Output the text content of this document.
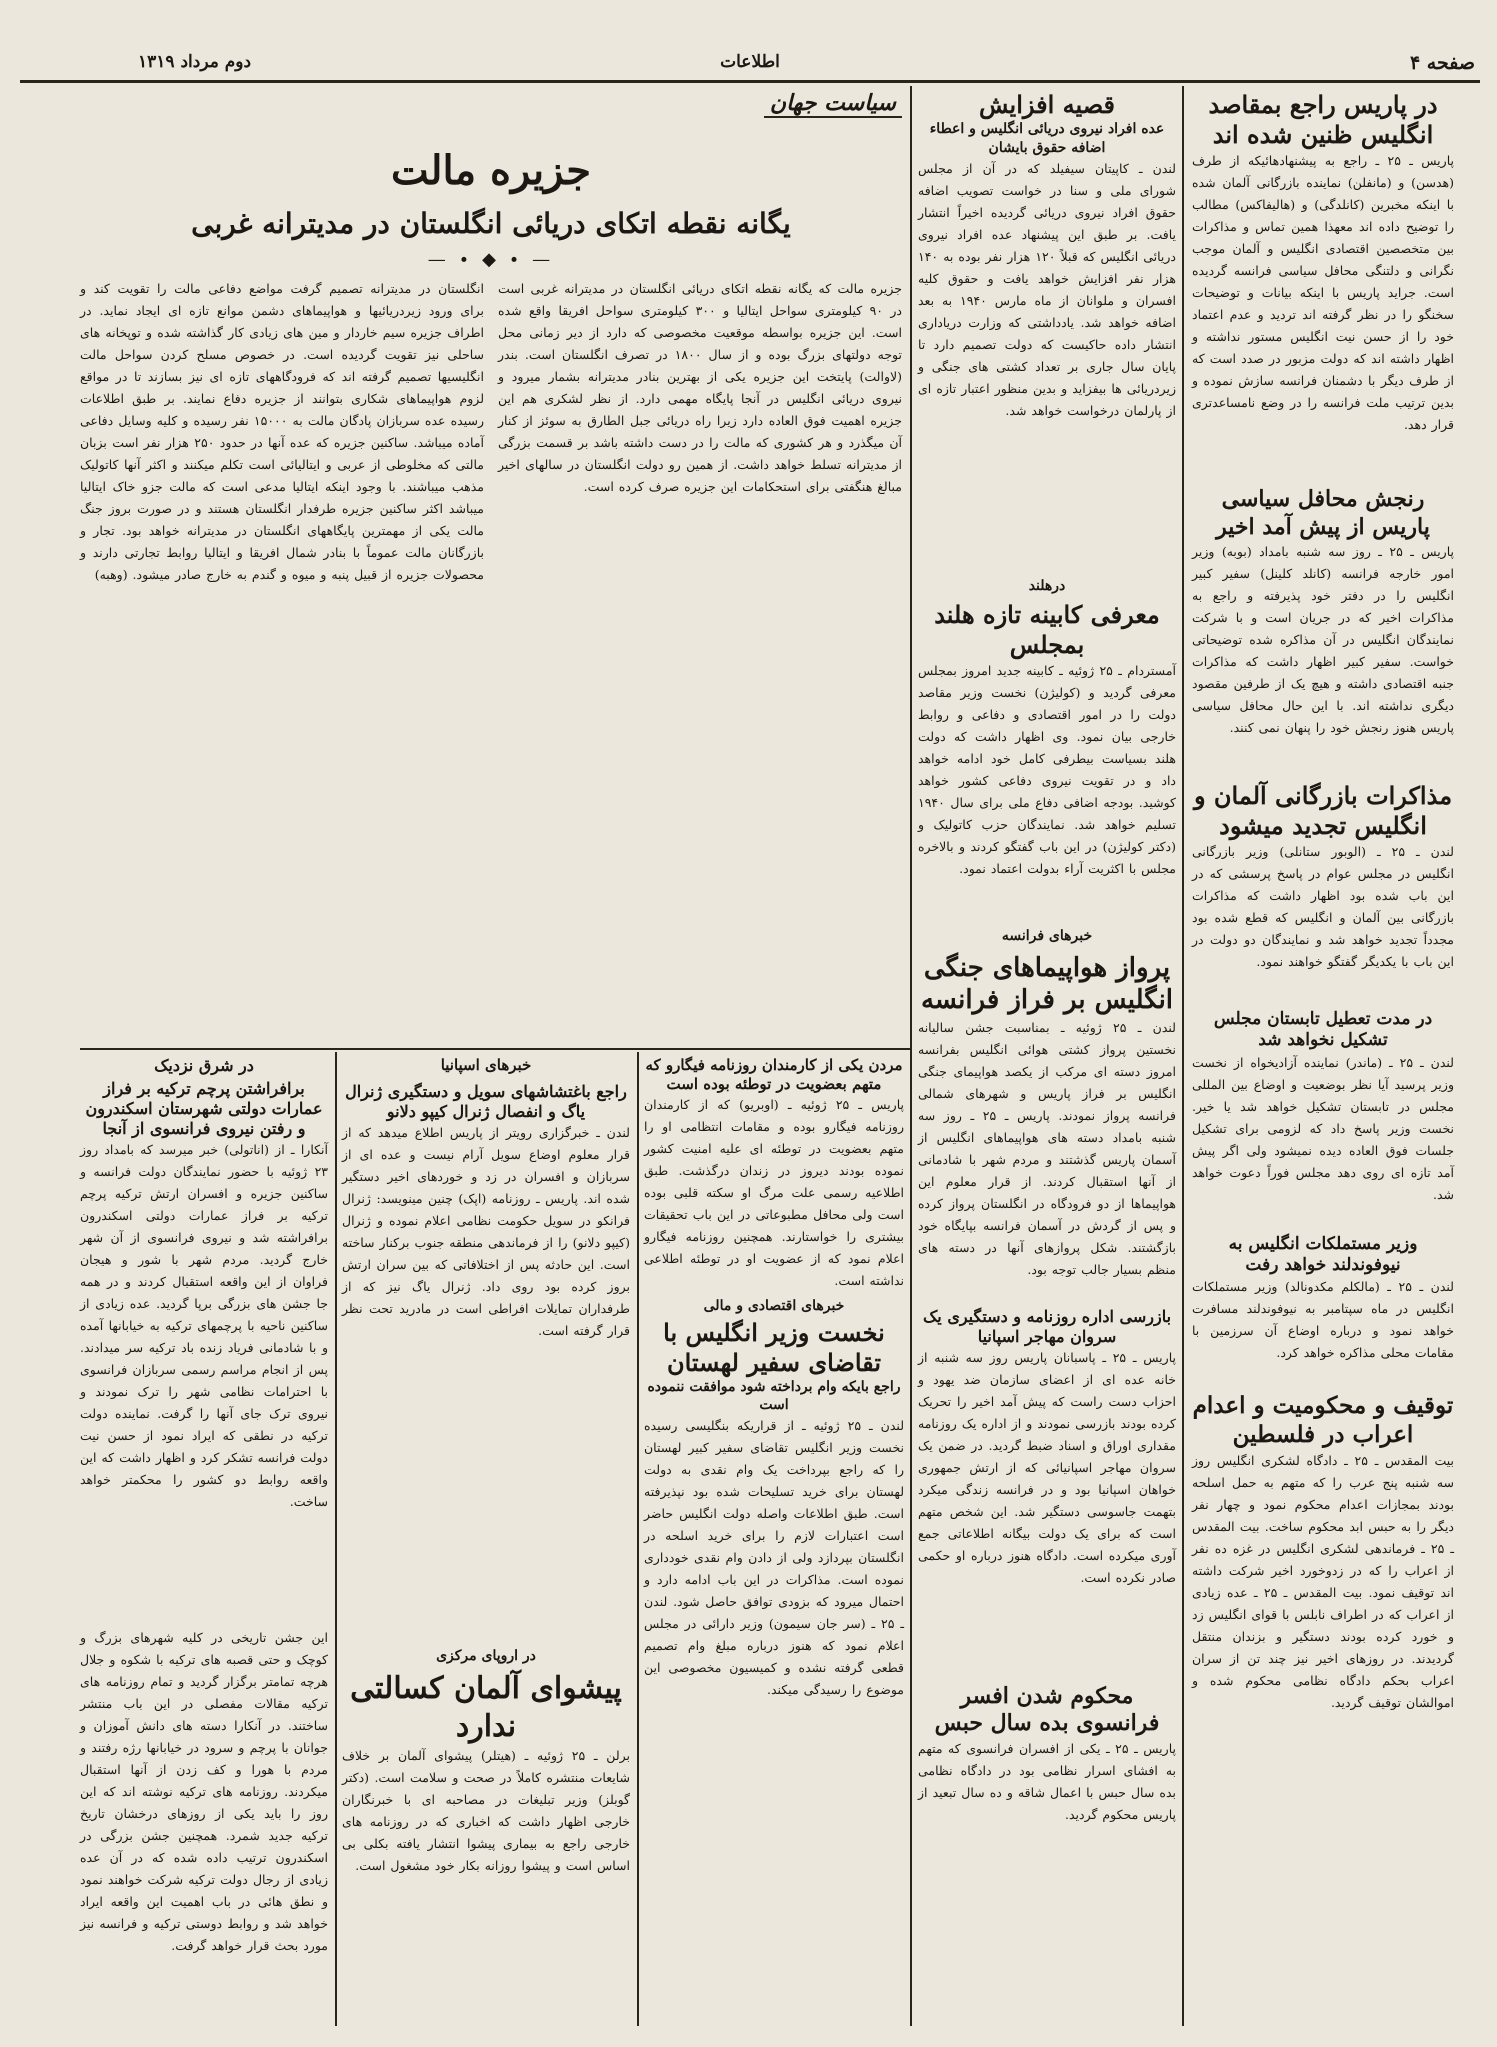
صفحه ۴
اطلاعات
دوم مرداد ۱۳۱۹
در پاریس راجع بمقاصد انگلیس ظنین شده اند
پاریس ـ ۲۵ ـ راجع به پیشنهادهائیکه از طرف (هدسن) و (مانفلن) نماینده بازرگانی آلمان شده با اینکه مخبرین (کانلدگی) و (هالیفاکس) مطالب را توضیح داده اند معهذا همین تماس و مذاکرات بین متخصصین اقتصادی انگلیس و آلمان موجب نگرانی و دلتنگی محافل سیاسی فرانسه گردیده است. جراید پاریس با اینکه بیانات و توضیحات سخنگو را در نظر گرفته اند تردید و عدم اعتماد خود را از حسن نیت انگلیس مستور نداشته و اظهار داشته اند که دولت مزبور در صدد است که از طرف دیگر با دشمنان فرانسه سازش نموده و بدین ترتیب ملت فرانسه را در وضع نامساعدتری قرار دهد.
رنجش محافل سیاسی پاریس از پیش آمد اخیر
پاریس ـ ۲۵ ـ روز سه شنبه بامداد (بوبه) وزیر امور خارجه فرانسه (کانلد کلینل) سفیر کبیر انگلیس را در دفتر خود پذیرفته و راجع به مذاکرات اخیر که در جریان است و با شرکت نمایندگان انگلیس در آن مذاکره شده توضیحاتی خواست. سفیر کبیر اظهار داشت که مذاکرات جنبه اقتصادی داشته و هیچ یک از طرفین مقصود دیگری نداشته اند. با این حال محافل سیاسی پاریس هنوز رنجش خود را پنهان نمی کنند.
مذاکرات بازرگانی آلمان و انگلیس تجدید میشود
لندن ـ ۲۵ ـ (الوبور ستانلی) وزیر بازرگانی انگلیس در مجلس عوام در پاسخ پرسشی که در این باب شده بود اظهار داشت که مذاکرات بازرگانی بین آلمان و انگلیس که قطع شده بود مجدداً تجدید خواهد شد و نمایندگان دو دولت در این باب با یکدیگر گفتگو خواهند نمود.
در مدت تعطیل تابستان مجلس تشکیل نخواهد شد
لندن ـ ۲۵ ـ (ماندر) نماینده آزادیخواه از نخست وزیر پرسید آیا نظر بوضعیت و اوضاع بین المللی مجلس در تابستان تشکیل خواهد شد یا خیر. نخست وزیر پاسخ داد که لزومی برای تشکیل جلسات فوق العاده دیده نمیشود ولی اگر پیش آمد تازه ای روی دهد مجلس فوراً دعوت خواهد شد.
وزیر مستملکات انگلیس به نیوفوندلند خواهد رفت
لندن ـ ۲۵ ـ (مالکلم مکدونالد) وزیر مستملکات انگلیس در ماه سپتامبر به نیوفوندلند مسافرت خواهد نمود و درباره اوضاع آن سرزمین با مقامات محلی مذاکره خواهد کرد.
توقیف و محکومیت و اعدام اعراب در فلسطین
بیت المقدس ـ ۲۵ ـ دادگاه لشکری انگلیس روز سه شنبه پنج عرب را که متهم به حمل اسلحه بودند بمجازات اعدام محکوم نمود و چهار نفر دیگر را به حبس ابد محکوم ساخت. بیت المقدس ـ ۲۵ ـ فرماندهی لشکری انگلیس در غزه ده نفر از اعراب را که در زدوخورد اخیر شرکت داشته اند توقیف نمود. بیت المقدس ـ ۲۵ ـ عده زیادی از اعراب که در اطراف نابلس با قوای انگلیس زد و خورد کرده بودند دستگیر و بزندان منتقل گردیدند. در روزهای اخیر نیز چند تن از سران اعراب بحکم دادگاه نظامی محکوم شده و اموالشان توقیف گردید.
قصیه افزایش
عده افراد نیروی دریائی انگلیس و اعطاء اضافه حقوق بایشان
لندن ـ کاپیتان سیفیلد که در آن از مجلس شورای ملی و سنا در خواست تصویب اضافه حقوق افراد نیروی دریائی گردیده اخیراً انتشار یافت. بر طبق این پیشنهاد عده افراد نیروی دریائی انگلیس که قبلاً ۱۲۰ هزار نفر بوده به ۱۴۰ هزار نفر افزایش خواهد یافت و حقوق کلیه افسران و ملوانان از ماه مارس ۱۹۴۰ به بعد اضافه خواهد شد. یادداشتی که وزارت دریاداری انتشار داده حاکیست که دولت تصمیم دارد تا پایان سال جاری بر تعداد کشتی های جنگی و زیردریائی ها بیفزاید و بدین منظور اعتبار تازه ای از پارلمان درخواست خواهد شد.
درهلند
معرفی کابینه تازه هلند بمجلس
آمستردام ـ ۲۵ ژوئیه ـ کابینه جدید امروز بمجلس معرفی گردید و (کولیژن) نخست وزیر مقاصد دولت را در امور اقتصادی و دفاعی و روابط خارجی بیان نمود. وی اظهار داشت که دولت هلند بسیاست بیطرفی کامل خود ادامه خواهد داد و در تقویت نیروی دفاعی کشور خواهد کوشید. بودجه اضافی دفاع ملی برای سال ۱۹۴۰ تسلیم خواهد شد. نمایندگان حزب کاتولیک و (دکتر کولیژن) در این باب گفتگو کردند و بالاخره مجلس با اکثریت آراء بدولت اعتماد نمود.
خبرهای فرانسه
پرواز هواپیماهای جنگی انگلیس بر فراز فرانسه
لندن ـ ۲۵ ژوئیه ـ بمناسبت جشن سالیانه نخستین پرواز کشتی هوائی انگلیس بفرانسه امروز دسته ای مرکب از یکصد هواپیمای جنگی انگلیس بر فراز پاریس و شهرهای شمالی فرانسه پرواز نمودند. پاریس ـ ۲۵ ـ روز سه شنبه بامداد دسته های هواپیماهای انگلیس از آسمان پاریس گذشتند و مردم شهر با شادمانی از آنها استقبال کردند. از قرار معلوم این هواپیماها از دو فرودگاه در انگلستان پرواز کرده و پس از گردش در آسمان فرانسه بپایگاه خود بازگشتند. شکل پروازهای آنها در دسته های منظم بسیار جالب توجه بود.
بازرسی اداره روزنامه و دستگیری یک سروان مهاجر اسپانیا
پاریس ـ ۲۵ ـ پاسبانان پاریس روز سه شنبه از خانه عده ای از اعضای سازمان ضد یهود و احزاب دست راست که پیش آمد اخیر را تحریک کرده بودند بازرسی نمودند و از اداره یک روزنامه مقداری اوراق و اسناد ضبط گردید. در ضمن یک سروان مهاجر اسپانیائی که از ارتش جمهوری خواهان اسپانیا بود و در فرانسه زندگی میکرد بتهمت جاسوسی دستگیر شد. این شخص متهم است که برای یک دولت بیگانه اطلاعاتی جمع آوری میکرده است. دادگاه هنوز درباره او حکمی صادر نکرده است.
محکوم شدن افسر فرانسوی بده سال حبس
پاریس ـ ۲۵ ـ یکی از افسران فرانسوی که متهم به افشای اسرار نظامی بود در دادگاه نظامی بده سال حبس با اعمال شاقه و ده سال تبعید از پاریس محکوم گردید.
سیاست جهان
جزیره مالت
یگانه نقطه اتکای دریائی انگلستان در مدیترانه غربی
— ∙ ◆ ∙ —
جزیره مالت که یگانه نقطه اتکای دریائی انگلستان در مدیترانه غربی است در ۹۰ کیلومتری سواحل ایتالیا و ۳۰۰ کیلومتری سواحل افریقا واقع شده است. این جزیره بواسطه موقعیت مخصوصی که دارد از دیر زمانی محل توجه دولتهای بزرگ بوده و از سال ۱۸۰۰ در تصرف انگلستان است. بندر (لاوالت) پایتخت این جزیره یکی از بهترین بنادر مدیترانه بشمار میرود و نیروی دریائی انگلیس در آنجا پایگاه مهمی دارد. از نظر لشکری هم این جزیره اهمیت فوق العاده دارد زیرا راه دریائی جبل الطارق به سوئز از کنار آن میگذرد و هر کشوری که مالت را در دست داشته باشد بر قسمت بزرگی از مدیترانه تسلط خواهد داشت. از همین رو دولت انگلستان در سالهای اخیر مبالغ هنگفتی برای استحکامات این جزیره صرف کرده است.
انگلستان در مدیترانه تصمیم گرفت مواضع دفاعی مالت را تقویت کند و برای ورود زیردریائیها و هواپیماهای دشمن موانع تازه ای ایجاد نماید. در اطراف جزیره سیم خاردار و مین های زیادی کار گذاشته شده و توپخانه های ساحلی نیز تقویت گردیده است. در خصوص مسلح کردن سواحل مالت انگلیسیها تصمیم گرفته اند که فرودگاههای تازه ای نیز بسازند تا در مواقع لزوم هواپیماهای شکاری بتوانند از جزیره دفاع نمایند. بر طبق اطلاعات رسیده عده سربازان پادگان مالت به ۱۵۰۰۰ نفر رسیده و کلیه وسایل دفاعی آماده میباشد. ساکنین جزیره که عده آنها در حدود ۲۵۰ هزار نفر است بزبان مالتی که مخلوطی از عربی و ایتالیائی است تکلم میکنند و اکثر آنها کاتولیک مذهب میباشند. با وجود اینکه ایتالیا مدعی است که مالت جزو خاک ایتالیا میباشد اکثر ساکنین جزیره طرفدار انگلستان هستند و در صورت بروز جنگ مالت یکی از مهمترین پایگاههای انگلستان در مدیترانه خواهد بود. تجار و بازرگانان مالت عموماً با بنادر شمال افریقا و ایتالیا روابط تجارتی دارند و محصولات جزیره از قبیل پنبه و میوه و گندم به خارج صادر میشود. (وهبه)
مردن یکی از کارمندان روزنامه فیگارو که متهم بعضویت در توطئه بوده است
پاریس ـ ۲۵ ژوئیه ـ (اوبریو) که از کارمندان روزنامه فیگارو بوده و مقامات انتظامی او را متهم بعضویت در توطئه ای علیه امنیت کشور نموده بودند دیروز در زندان درگذشت. طبق اطلاعیه رسمی علت مرگ او سکته قلبی بوده است ولی محافل مطبوعاتی در این باب تحقیقات بیشتری را خواستارند. همچنین روزنامه فیگارو اعلام نمود که از عضویت او در توطئه اطلاعی نداشته است.
خبرهای اقتصادی و مالی
نخست وزیر انگلیس با تقاضای سفیر لهستان
راجع بایکه وام برداخته شود موافقت ننموده است
لندن ـ ۲۵ ژوئیه ـ از قراریکه بنگلیسی رسیده نخست وزیر انگلیس تقاضای سفیر کبیر لهستان را که راجع بپرداخت یک وام نقدی به دولت لهستان برای خرید تسلیحات شده بود نپذیرفته است. طبق اطلاعات واصله دولت انگلیس حاضر است اعتبارات لازم را برای خرید اسلحه در انگلستان بپردازد ولی از دادن وام نقدی خودداری نموده است. مذاکرات در این باب ادامه دارد و احتمال میرود که بزودی توافق حاصل شود. لندن ـ ۲۵ ـ (سر جان سیمون) وزیر دارائی در مجلس اعلام نمود که هنوز درباره مبلغ وام تصمیم قطعی گرفته نشده و کمیسیون مخصوصی این موضوع را رسیدگی میکند.
خبرهای اسپانیا
راجع باغتشاشهای سویل و دستگیری ژنرال یاگ و انفصال ژنرال کیپو دلانو
لندن ـ خبرگزاری رویتر از پاریس اطلاع میدهد که از قرار معلوم اوضاع سویل آرام نیست و عده ای از سربازان و افسران در زد و خوردهای اخیر دستگیر شده اند. پاریس ـ روزنامه (اپک) چنین مینویسد: ژنرال فرانکو در سویل حکومت نظامی اعلام نموده و ژنرال (کیپو دلانو) را از فرماندهی منطقه جنوب برکنار ساخته است. این حادثه پس از اختلافاتی که بین سران ارتش بروز کرده بود روی داد. ژنرال یاگ نیز که از طرفداران تمایلات افراطی است در مادرید تحت نظر قرار گرفته است.
در اروپای مرکزی
پیشوای آلمان کسالتی ندارد
برلن ـ ۲۵ ژوئیه ـ (هیتلر) پیشوای آلمان بر خلاف شایعات منتشره کاملاً در صحت و سلامت است. (دکتر گوبلز) وزیر تبلیغات در مصاحبه ای با خبرنگاران خارجی اظهار داشت که اخباری که در روزنامه های خارجی راجع به بیماری پیشوا انتشار یافته بکلی بی اساس است و پیشوا روزانه بکار خود مشغول است.
در شرق نزدیک
برافراشتن پرچم ترکیه بر فراز عمارات دولتی شهرستان اسکندرون و رفتن نیروی فرانسوی از آنجا
آنکارا ـ از (اناتولی) خبر میرسد که بامداد روز ۲۳ ژوئیه با حضور نمایندگان دولت فرانسه و ساکنین جزیره و افسران ارتش ترکیه پرچم ترکیه بر فراز عمارات دولتی اسکندرون برافراشته شد و نیروی فرانسوی از آن شهر خارج گردید. مردم شهر با شور و هیجان فراوان از این واقعه استقبال کردند و در همه جا جشن های بزرگی برپا گردید. عده زیادی از ساکنین ناحیه با پرچمهای ترکیه به خیابانها آمده و با شادمانی فریاد زنده باد ترکیه سر میدادند. پس از انجام مراسم رسمی سربازان فرانسوی با احترامات نظامی شهر را ترک نمودند و نیروی ترک جای آنها را گرفت. نماینده دولت ترکیه در نطقی که ایراد نمود از حسن نیت دولت فرانسه تشکر کرد و اظهار داشت که این واقعه روابط دو کشور را محکمتر خواهد ساخت.
این جشن تاریخی در کلیه شهرهای بزرگ و کوچک و حتی قصبه های ترکیه با شکوه و جلال هرچه تمامتر برگزار گردید و تمام روزنامه های ترکیه مقالات مفصلی در این باب منتشر ساختند. در آنکارا دسته های دانش آموزان و جوانان با پرچم و سرود در خیابانها رژه رفتند و مردم با هورا و کف زدن از آنها استقبال میکردند. روزنامه های ترکیه نوشته اند که این روز را باید یکی از روزهای درخشان تاریخ ترکیه جدید شمرد. همچنین جشن بزرگی در اسکندرون ترتیب داده شده که در آن عده زیادی از رجال دولت ترکیه شرکت خواهند نمود و نطق هائی در باب اهمیت این واقعه ایراد خواهد شد و روابط دوستی ترکیه و فرانسه نیز مورد بحث قرار خواهد گرفت.
